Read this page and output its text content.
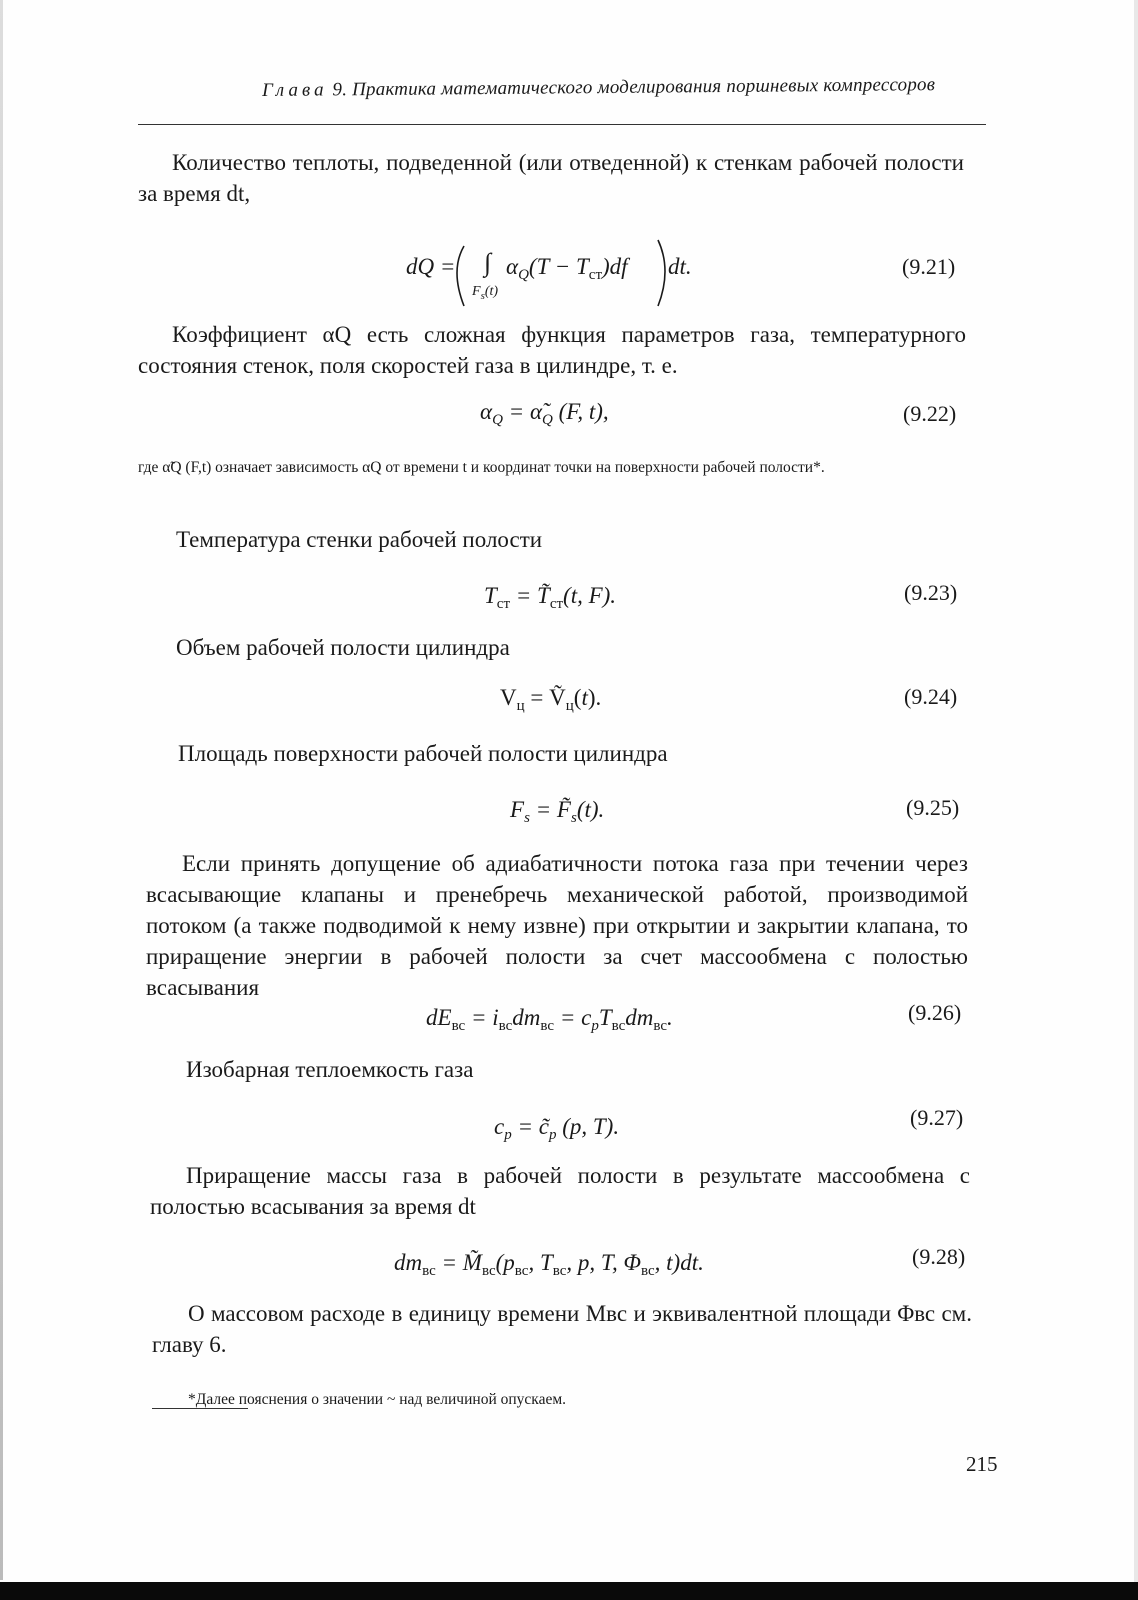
Глава 9. Практика математического моделирования поршневых компрессоров
Количество теплоты, подведенной (или отведенной) к стенкам рабочей полости за время dt,
dQ = ∫
$F_s(t)$
$\alpha_Q(T - T_{ст})df$ dt.	(9.21)
Коэффициент αQ есть сложная функция параметров газа, температурного состояния стенок, поля скоростей газа в цилиндре, т. е.
$\alpha_Q$ = $\alphã_Q$ (F, t),	(9.22)
где α̃Q (F,t) означает зависимость αQ от времени t и координат точки на поверхности рабочей полости*.
Температура стенки рабочей полости
$T_{ст}$ = $T̃_{ст}(t$, F).	(9.23)
Объем рабочей полости цилиндра
$V_ц$ = Ṽ$_ц$(t).	(9.24)
Площадь поверхности рабочей полости цилиндра
$F_s$ = $F̃_s(t)$.	(9.25)
Если принять допущение об адиабатичности потока газа при течении через всасывающие клапаны и пренебречь механической работой, производимой потоком (а также подводимой к нему извне) при открытии и закрытии клапана, то приращение энергии в рабочей полости за счет массообмена с полостью всасывания
$dE_{вс} = i_{вс}dm_{вс} = c_pT_{вс}dm_{вс}$.	(9.26)
Изобарная теплоемкость газа
$c_p$ = $c̃_p$ (p, T).	(9.27)
Приращение массы газа в рабочей полости в результате массообмена с полостью всасывания за время dt
$dm_{вс}$ = $M̃_{вс}(p_{вс}$, $T_{вс}$, p, T, $\Phi_{вс}$, t)dt.	(9.28)
О массовом расходе в единицу времени Mвс и эквивалентной площади Φвс см. главу 6.
*Далее пояснения о значении ~ над величиной опускаем.
215
